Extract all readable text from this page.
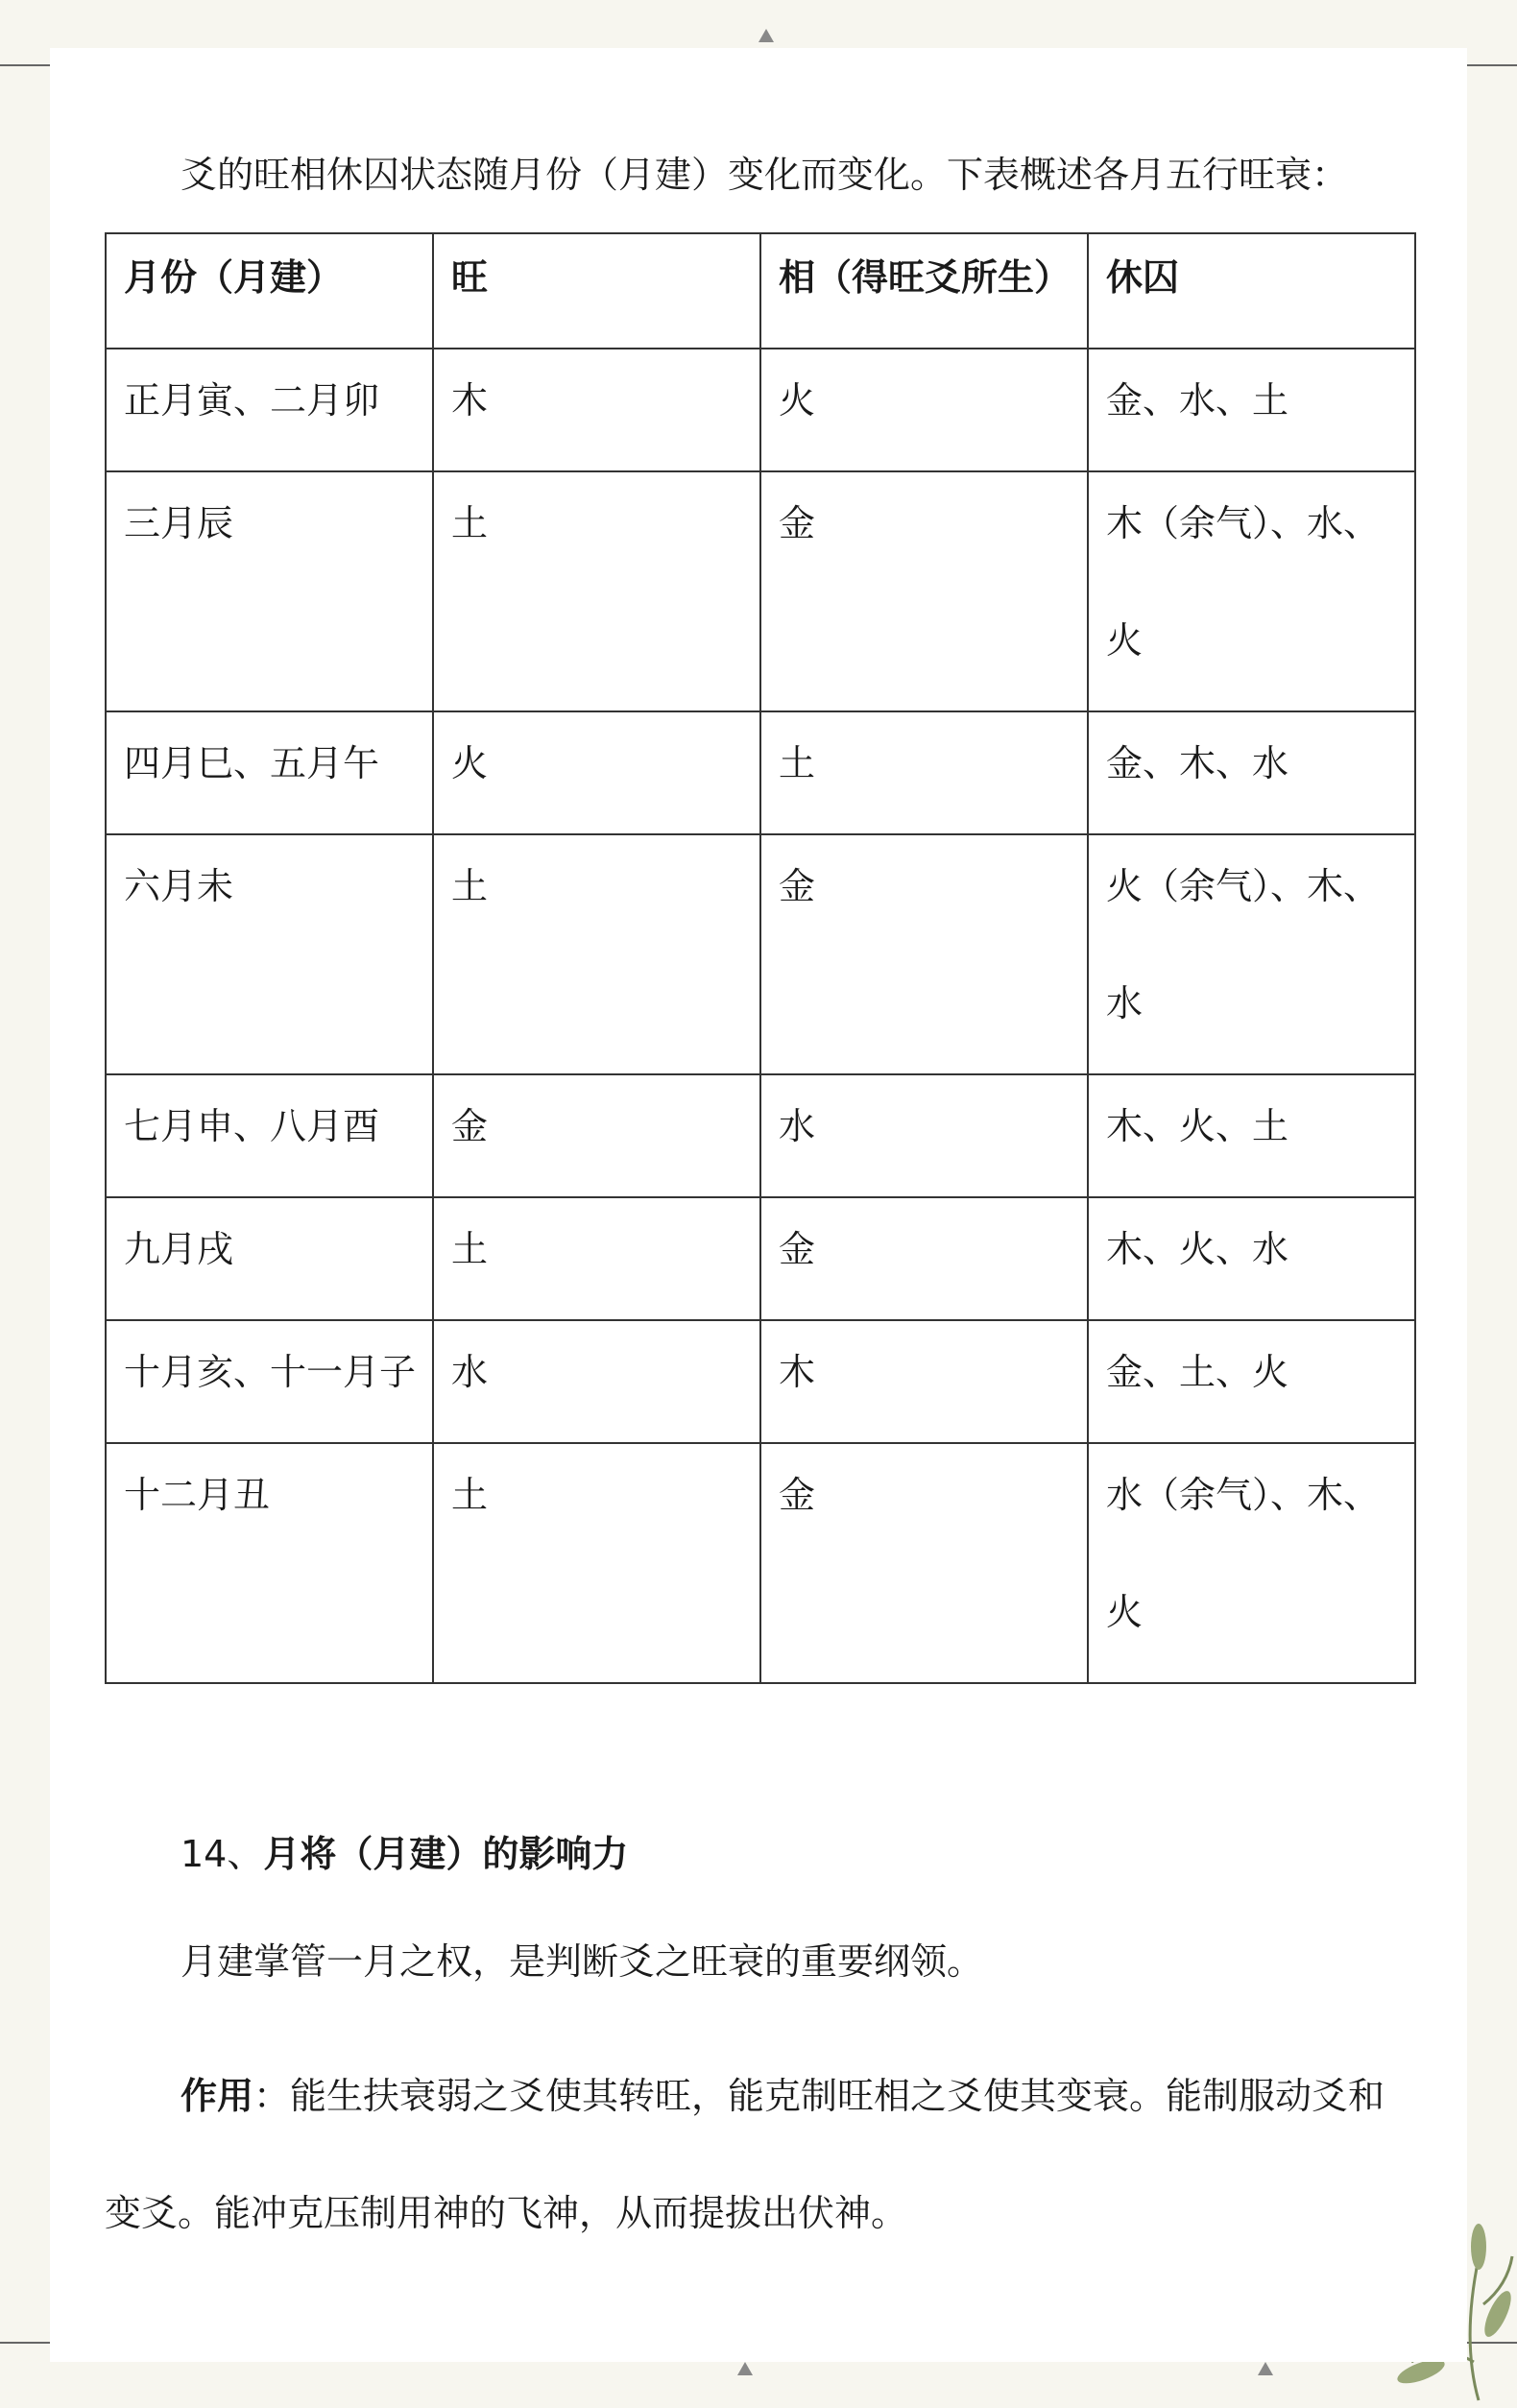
爻的旺相休囚状态随月份（月建）变化而变化。下表概述各月五行旺衰：

月份（月建）	旺	相（得旺爻所生）	休囚

正月寅、二月卯	木	火	金、水、土

三月辰	土	金	木（余气）、水、火

四月巳、五月午	火	土	金、木、水

六月未	土	金	火（余气）、木、水

七月申、八月酉	金	水	木、火、土

九月戌	土	金	木、火、水

十月亥、十一月子	水	木	金、土、火

十二月丑	土	金	水（余气）、木、火

14、月将（月建）的影响力

月建掌管一月之权，是判断爻之旺衰的重要纲领。

作用：能生扶衰弱之爻使其转旺，能克制旺相之爻使其变衰。能制服动爻和变爻。能冲克压制用神的飞神，从而提拔出伏神。
